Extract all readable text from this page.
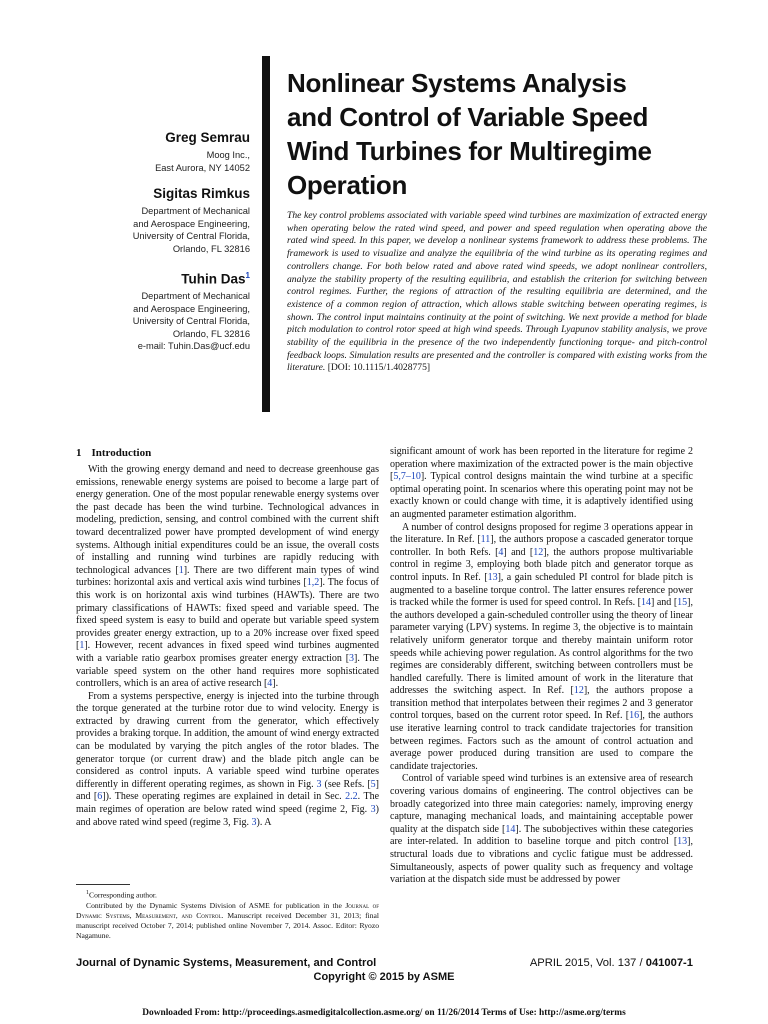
Greg Semrau
Moog Inc.,
East Aurora, NY 14052
Sigitas Rimkus
Department of Mechanical
and Aerospace Engineering,
University of Central Florida,
Orlando, FL 32816
Tuhin Das$^1$
Department of Mechanical
and Aerospace Engineering,
University of Central Florida,
Orlando, FL 32816
e-mail: Tuhin.Das@ucf.edu
Nonlinear Systems Analysis
and Control of Variable Speed
Wind Turbines for Multiregime
Operation

The key control problems associated with variable speed wind turbines are maximization of extracted energy when operating below the rated wind speed, and power and speed regulation when operating above the rated wind speed. In this paper, we develop a nonlinear systems framework to address these problems. The framework is used to visualize and analyze the equilibria of the wind turbine as its operating regimes and controllers change. For both below rated and above rated wind speeds, we adopt nonlinear controllers, analyze the stability property of the resulting equilibria, and establish the criterion for switching between control regimes. Further, the regions of attraction of the resulting equilibria are determined, and the existence of a common region of attraction, which allows stable switching between operating regimes, is shown. The control input maintains continuity at the point of switching. We next provide a method for blade pitch modulation to control rotor speed at high wind speeds. Through Lyapunov stability analysis, we prove stability of the equilibria in the presence of the two independently functioning torque- and pitch-control feedback loops. Simulation results are presented and the controller is compared with existing works from the literature. [DOI: 10.1115/1.4028775]

1 Introduction

With the growing energy demand and need to decrease greenhouse gas emissions, renewable energy systems are poised to become a large part of energy generation. One of the most popular renewable energy systems over the past decade has been the wind turbine. Technological advances in modeling, prediction, sensing, and control combined with the current shift toward decentralized power have prompted development of wind energy systems. Although initial expenditures could be an issue, the overall costs of installing and running wind turbines are rapidly reducing with technological advances [1]. There are two different main types of wind turbines: horizontal axis and vertical axis wind turbines [1,2]. The focus of this work is on horizontal axis wind turbines (HAWTs). There are two primary classifications of HAWTs: fixed speed and variable speed. The fixed speed system is easy to build and operate but variable speed system provides greater energy extraction, up to a 20% increase over fixed speed [1]. However, recent advances in fixed speed wind turbines augmented with a variable ratio gearbox promises greater energy extraction [3]. The variable speed system on the other hand requires more sophisticated controllers, which is an area of active research [4].

From a systems perspective, energy is injected into the turbine through the torque generated at the turbine rotor due to wind velocity. Energy is extracted by drawing current from the generator, which effectively provides a braking torque. In addition, the amount of wind energy extracted can be modulated by varying the pitch angles of the rotor blades. The generator torque (or current draw) and the blade pitch angle can be considered as control inputs. A variable speed wind turbine operates differently in different operating regimes, as shown in Fig. 3 (see Refs. [5] and [6]). These operating regimes are explained in detail in Sec. 2.2. The main regimes of operation are below rated wind speed (regime 2, Fig. 3) and above rated wind speed (regime 3, Fig. 3). A

significant amount of work has been reported in the literature for regime 2 operation where maximization of the extracted power is the main objective [5,7–10]. Typical control designs maintain the wind turbine at a specific optimal operating point. In scenarios where this operating point may not be exactly known or could change with time, it is adaptively identified using an augmented parameter estimation algorithm.

A number of control designs proposed for regime 3 operations appear in the literature. In Ref. [11], the authors propose a cascaded generator torque controller. In both Refs. [4] and [12], the authors propose multivariable control in regime 3, employing both blade pitch and generator torque as control inputs. In Ref. [13], a gain scheduled PI control for blade pitch is augmented to a baseline torque control. The latter ensures reference power is tracked while the former is used for speed control. In Refs. [14] and [15], the authors developed a gain-scheduled controller using the theory of linear parameter varying (LPV) systems. In regime 3, the objective is to maintain relatively uniform generator torque and thereby maintain uniform rotor speeds while achieving power regulation. As control algorithms for the two regimes are considerably different, switching between controllers must be handled carefully. There is limited amount of work in the literature that addresses the switching aspect. In Ref. [12], the authors propose a transition method that interpolates between their regimes 2 and 3 generator control torques, based on the current rotor speed. In Ref. [16], the authors use iterative learning control to track candidate trajectories for transition between regimes. Factors such as the amount of control actuation and average power produced during transition are used to compare the candidate trajectories.

Control of variable speed wind turbines is an extensive area of research covering various domains of engineering. The control objectives can be broadly categorized into three main categories: namely, improving energy capture, managing mechanical loads, and maintaining acceptable power quality at the dispatch side [14]. The subobjectives within these categories are inter-related. In addition to baseline torque and pitch control [13], structural loads due to vibrations and cyclic fatigue must be addressed. Simultaneously, aspects of power quality such as frequency and voltage variation at the dispatch side must be addressed by power

$^1$Corresponding author.

Contributed by the Dynamic Systems Division of ASME for publication in the Journal of Dynamic Systems, Measurement, and Control. Manuscript received December 31, 2013; final manuscript received October 7, 2014; published online November 7, 2014. Assoc. Editor: Ryozo Nagamune.

Journal of Dynamic Systems, Measurement, and Control	APRIL 2015, Vol. 137 / 041007-1
Copyright © 2015 by ASME
Downloaded From: http://proceedings.asmedigitalcollection.asme.org/ on 11/26/2014 Terms of Use: http://asme.org/terms
